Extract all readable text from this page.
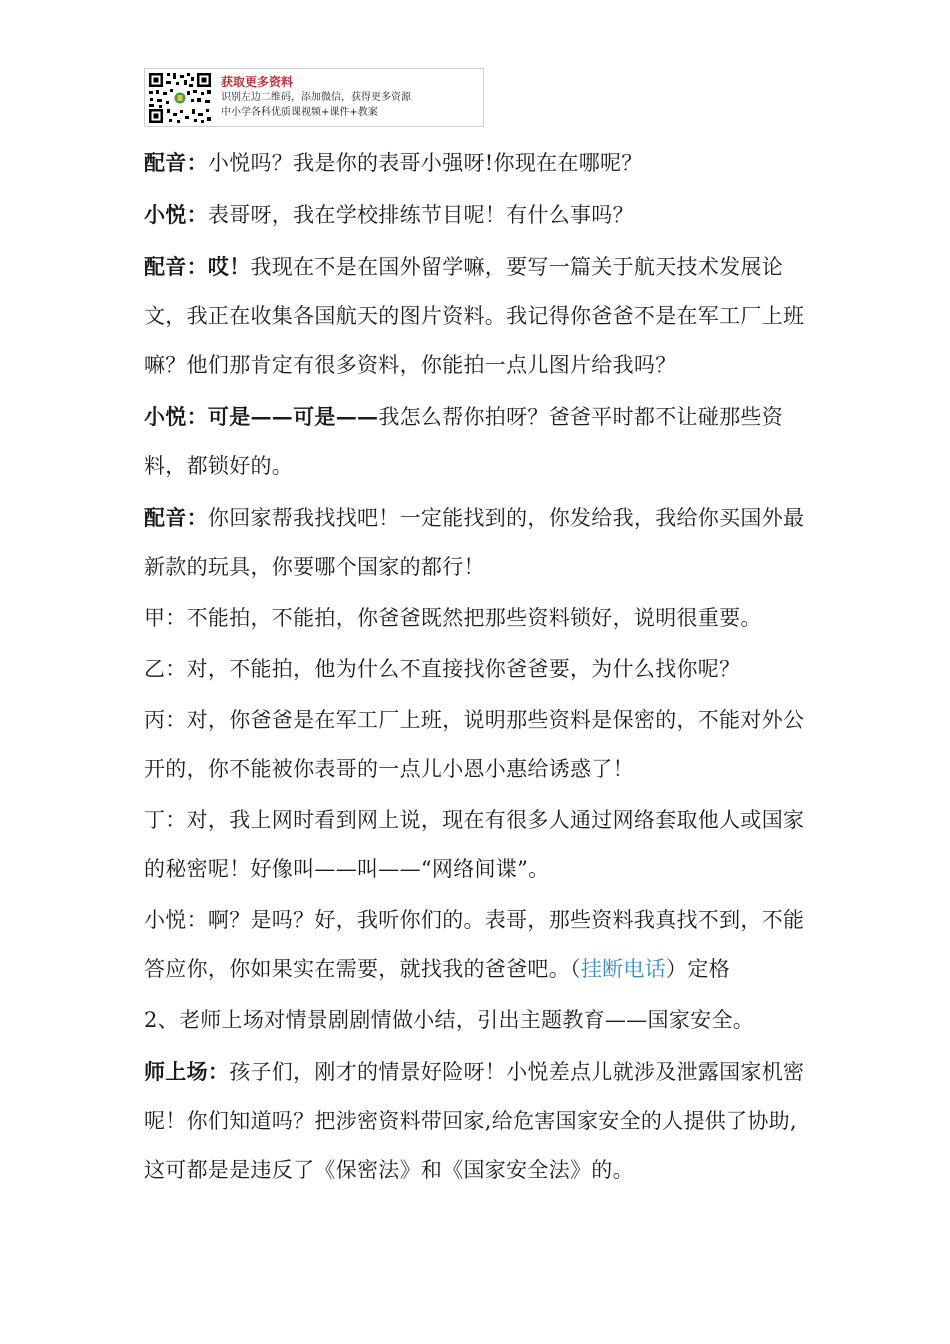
获取更多资料
识别左边二维码，添加微信，获得更多资源
中小学各科优质课视频+课件+教案

配音：小悦吗？我是你的表哥小强呀!你现在在哪呢？

小悦：表哥呀，我在学校排练节目呢！有什么事吗？

配音：哎！我现在不是在国外留学嘛，要写一篇关于航天技术发展论文，我正在收集各国航天的图片资料。我记得你爸爸不是在军工厂上班嘛？他们那肯定有很多资料，你能拍一点儿图片给我吗？

小悦：可是——可是——我怎么帮你拍呀？爸爸平时都不让碰那些资料，都锁好的。

配音：你回家帮我找找吧！一定能找到的，你发给我，我给你买国外最新款的玩具，你要哪个国家的都行！

甲：不能拍，不能拍，你爸爸既然把那些资料锁好，说明很重要。

乙：对，不能拍，他为什么不直接找你爸爸要，为什么找你呢？

丙：对，你爸爸是在军工厂上班，说明那些资料是保密的，不能对外公开的，你不能被你表哥的一点儿小恩小惠给诱惑了！

丁：对，我上网时看到网上说，现在有很多人通过网络套取他人或国家的秘密呢！好像叫——叫——“网络间谍”。

小悦：啊？是吗？好，我听你们的。表哥，那些资料我真找不到，不能答应你，你如果实在需要，就找我的爸爸吧。（挂断电话）定格

2、老师上场对情景剧剧情做小结，引出主题教育——国家安全。

师上场：孩子们，刚才的情景好险呀！小悦差点儿就涉及泄露国家机密呢！你们知道吗？把涉密资料带回家,给危害国家安全的人提供了协助,这可都是是违反了《保密法》和《国家安全法》的。
